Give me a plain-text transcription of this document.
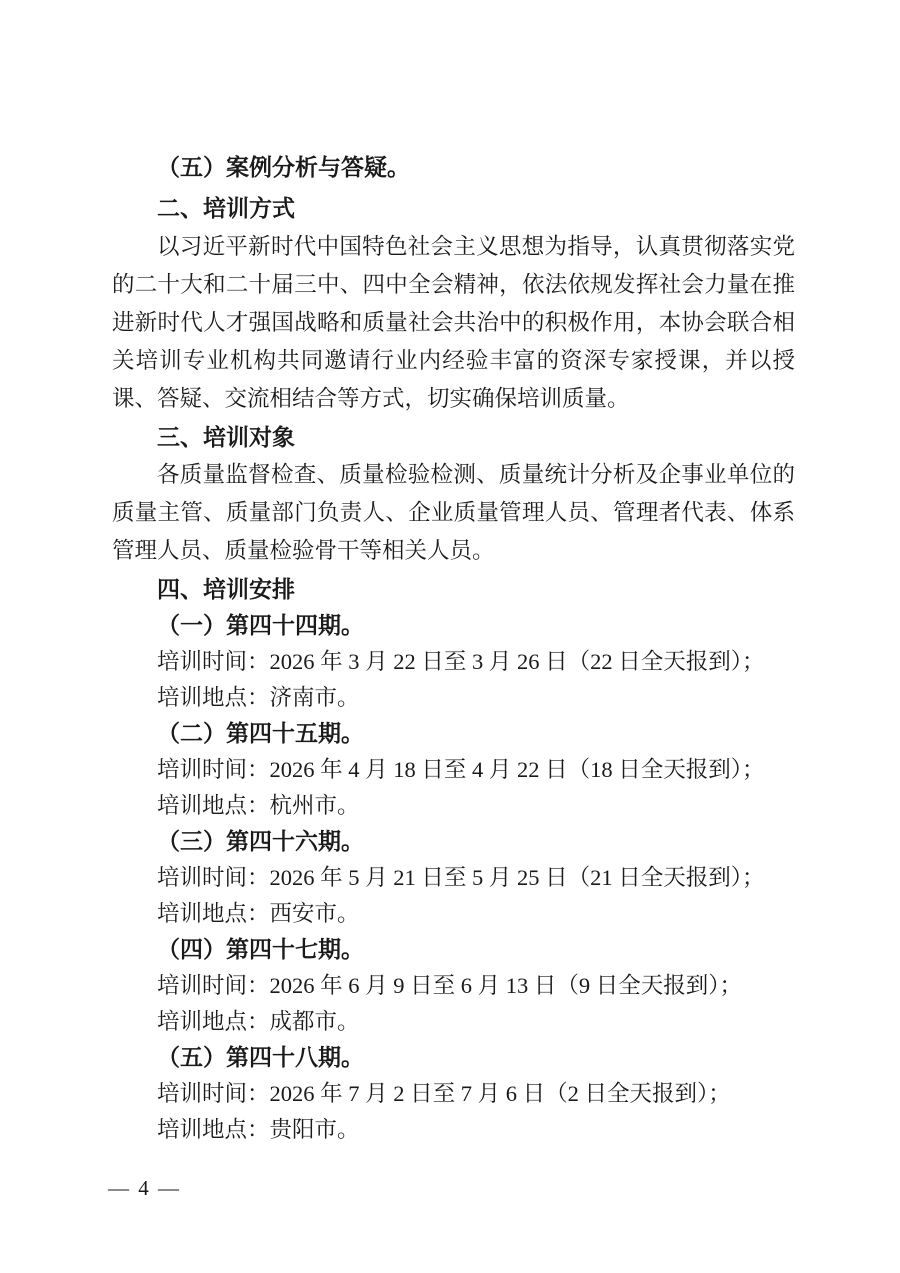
（五）案例分析与答疑。
二、培训方式
以习近平新时代中国特色社会主义思想为指导，认真贯彻落实党的二十大和二十届三中、四中全会精神，依法依规发挥社会力量在推进新时代人才强国战略和质量社会共治中的积极作用，本协会联合相关培训专业机构共同邀请行业内经验丰富的资深专家授课，并以授课、答疑、交流相结合等方式，切实确保培训质量。
三、培训对象
各质量监督检查、质量检验检测、质量统计分析及企事业单位的质量主管、质量部门负责人、企业质量管理人员、管理者代表、体系管理人员、质量检验骨干等相关人员。
四、培训安排
（一）第四十四期。
培训时间：2026 年 3 月 22 日至 3 月 26 日（22 日全天报到）；
培训地点：济南市。
（二）第四十五期。
培训时间：2026 年 4 月 18 日至 4 月 22 日（18 日全天报到）；
培训地点：杭州市。
（三）第四十六期。
培训时间：2026 年 5 月 21 日至 5 月 25 日（21 日全天报到）；
培训地点：西安市。
（四）第四十七期。
培训时间：2026 年 6 月 9 日至 6 月 13 日（9 日全天报到）；
培训地点：成都市。
（五）第四十八期。
培训时间：2026 年 7 月 2 日至 7 月 6 日（2 日全天报到）；
培训地点：贵阳市。
— 4 —
